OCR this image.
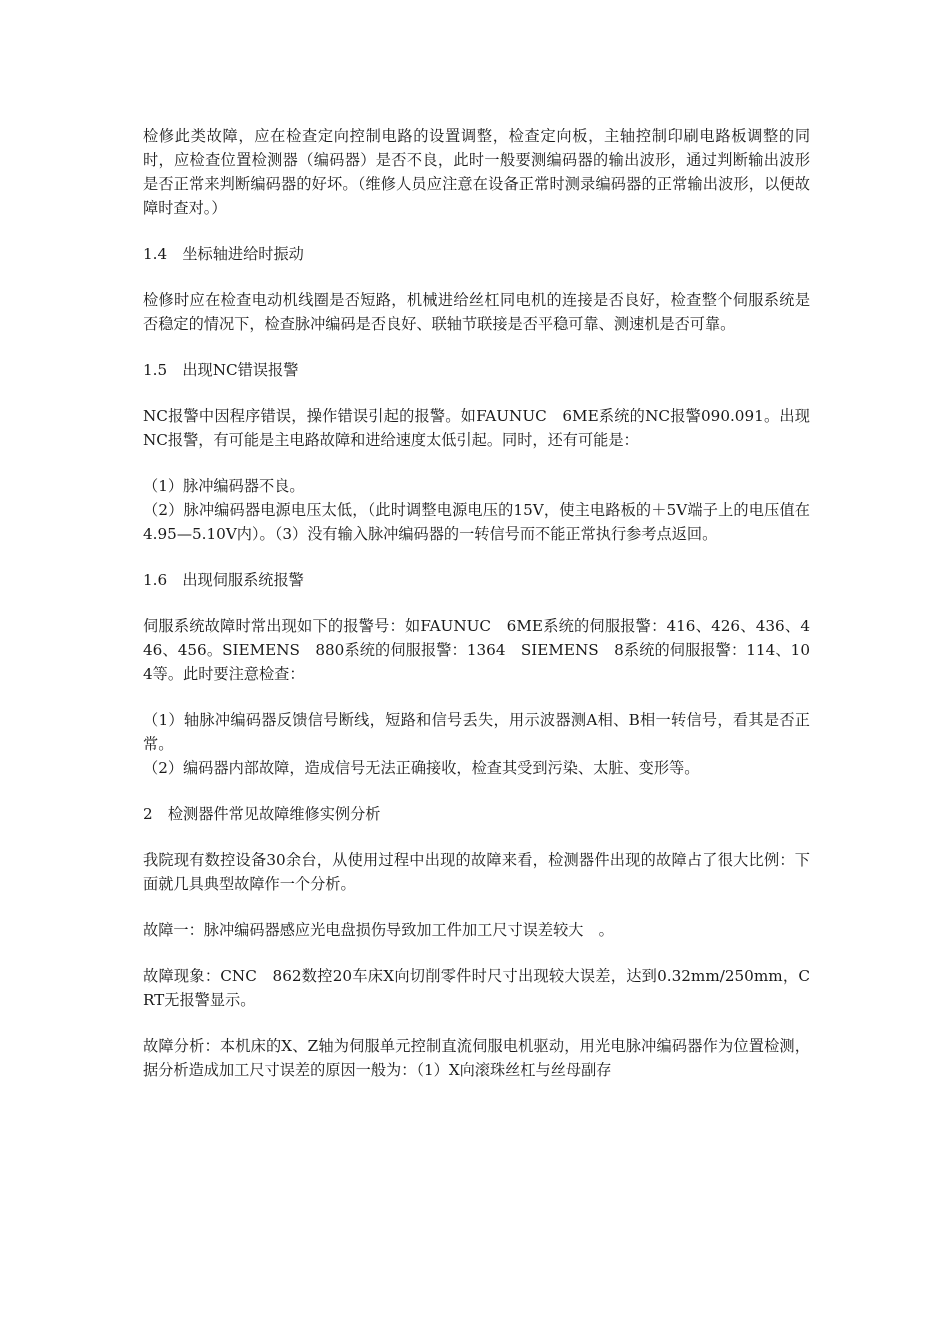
检修此类故障，应在检查定向控制电路的设置调整，检查定向板，主轴控制印刷电路板调整的同时，应检查位置检测器（编码器）是否不良，此时一般要测编码器的输出波形，通过判断输出波形是否正常来判断编码器的好坏。（维修人员应注意在设备正常时测录编码器的正常输出波形，以便故障时查对。）

1.4　坐标轴进给时振动

检修时应在检查电动机线圈是否短路，机械进给丝杠同电机的连接是否良好，检查整个伺服系统是否稳定的情况下，检查脉冲编码是否良好、联轴节联接是否平稳可靠、测速机是否可靠。

1.5　出现NC错误报警

NC报警中因程序错误，操作错误引起的报警。如FAUNUC　6ME系统的NC报警090.091。出现NC报警，有可能是主电路故障和进给速度太低引起。同时，还有可能是：

（1）脉冲编码器不良。

（2）脉冲编码器电源电压太低，（此时调整电源电压的15V，使主电路板的＋5V端子上的电压值在4.95—5.10V内）。（3）没有输入脉冲编码器的一转信号而不能正常执行参考点返回。

1.6　出现伺服系统报警

伺服系统故障时常出现如下的报警号：如FAUNUC　6ME系统的伺服报警：416、426、436、446、456。SIEMENS　880系统的伺服报警：1364　SIEMENS　8系统的伺服报警：114、104等。此时要注意检查：

（1）轴脉冲编码器反馈信号断线，短路和信号丢失，用示波器测A相、B相一转信号，看其是否正常。

（2）编码器内部故障，造成信号无法正确接收，检查其受到污染、太脏、变形等。

2　检测器件常见故障维修实例分析

我院现有数控设备30余台，从使用过程中出现的故障来看，检测器件出现的故障占了很大比例：下面就几具典型故障作一个分析。

故障一：脉冲编码器感应光电盘损伤导致加工件加工尺寸误差较大　。

故障现象：CNC　862数控20车床X向切削零件时尺寸出现较大误差，达到0.32mm/250mm，CRT无报警显示。

故障分析：本机床的X、Z轴为伺服单元控制直流伺服电机驱动，用光电脉冲编码器作为位置检测，据分析造成加工尺寸误差的原因一般为：（1）X向滚珠丝杠与丝母副存
